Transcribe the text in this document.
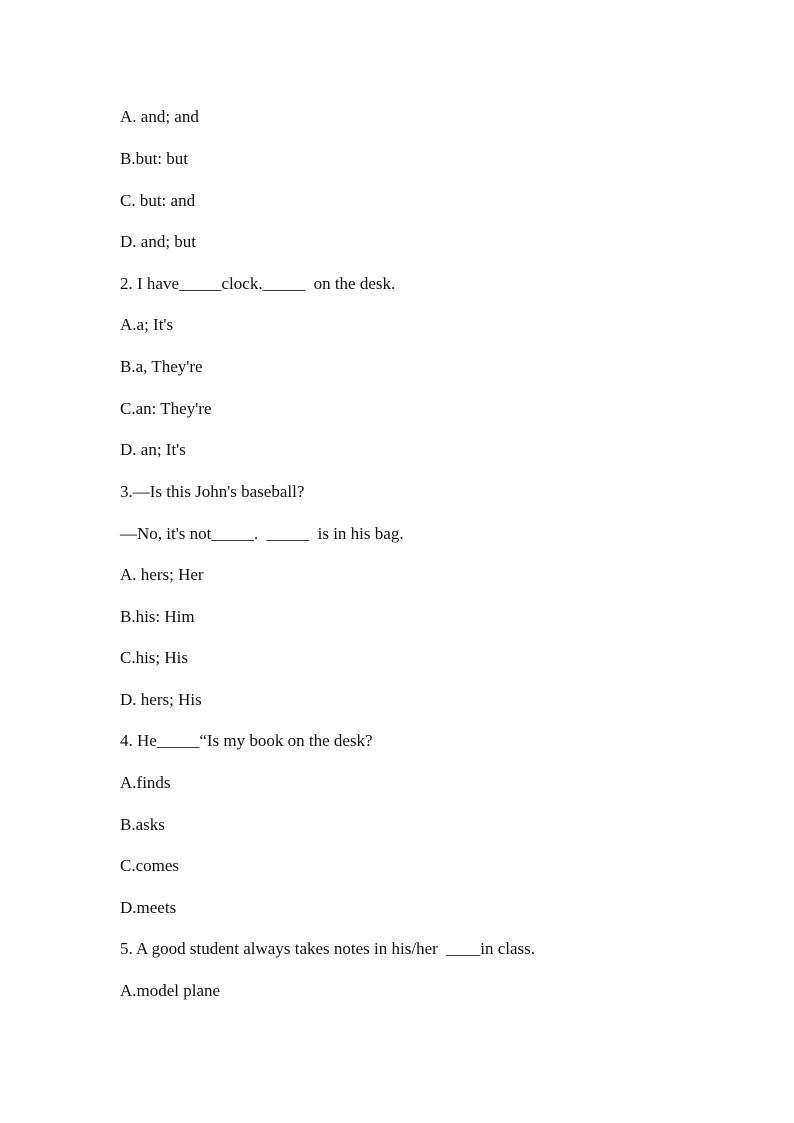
A. and; and
B.but: but
C. but: and
D. and; but
2. I have_____clock._____  on the desk.
A.a; It's
B.a, They're
C.an: They're
D. an; It's
3.—Is this John's baseball?
—No, it's not_____.  _____  is in his bag.
A. hers; Her
B.his: Him
C.his; His
D. hers; His
4. He_____“Is my book on the desk?
A.finds
B.asks
C.comes
D.meets
5. A good student always takes notes in his/her  ____in class.
A.model plane
